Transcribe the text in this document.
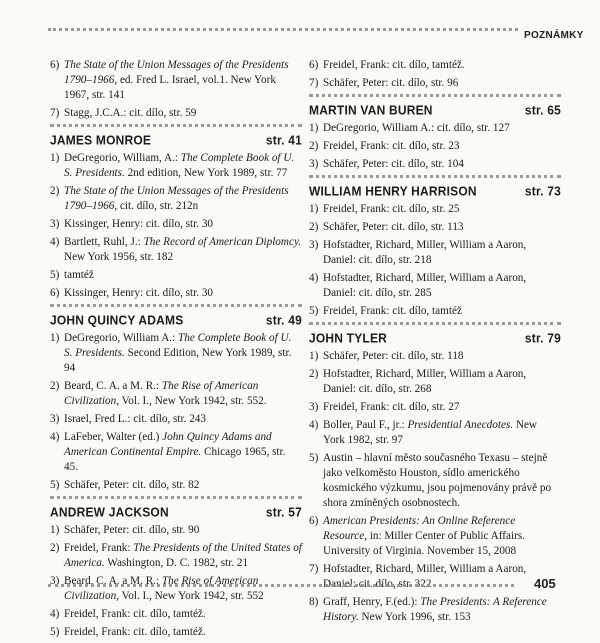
POZNÁMKY
6) The State of the Union Messages of the Presidents 1790–1966, ed. Fred L. Israel, vol.1. New York 1967, str. 141
7) Stagg, J.C.A.: cit. dílo, str. 59
JAMES MONROE	str. 41
1) DeGregorio, William, A.: The Complete Book of U. S. Presidents. 2nd edition, New York 1989, str. 77
2) The State of the Union Messages of the Presidents 1790–1966, cit. dílo, str. 212n
3) Kissinger, Henry: cit. dílo, str. 30
4) Bartlett, Ruhl, J.: The Record of American Diplomcy. New York 1956, str. 182
5) tamtéž
6) Kissinger, Henry: cit. dílo, str. 30
JOHN QUINCY ADAMS	str. 49
1) DeGregorio, William A.: The Complete Book of U. S. Presidents. Second Edition, New York 1989, str. 94
2) Beard, C. A. a M. R.: The Rise of American Civilization, Vol. I., New York 1942, str. 552.
3) Israel, Fred L.: cit. dílo, str. 243
4) LaFeber, Walter (ed.) John Quincy Adams and American Continental Empire. Chicago 1965, str. 45.
5) Schäfer, Peter: cit. dílo, str. 82
ANDREW JACKSON	str. 57
1) Schäfer, Peter: cit. dílo, str. 90
2) Freidel, Frank: The Presidents of the United States of America. Washington, D. C. 1982, str. 21
3) Beard, C. A. a M. R.: The Rise of American Civilization, Vol. I., New York 1942, str. 552
4) Freidel, Frank: cit. dílo, tamtéž.
5) Freidel, Frank: cit. dílo, tamtéž.
6) Freidel, Frank: cit. dílo, tamtéž.
7) Schäfer, Peter: cit. dílo, str. 96
MARTIN VAN BUREN	str. 65
1) DeGregorio, William A.: cit. dílo, str. 127
2) Freidel, Frank: cit. dílo, str. 23
3) Schäfer, Peter: cit. dílo, str. 104
WILLIAM HENRY HARRISON	str. 73
1) Freidel, Frank: cit. dílo, str. 25
2) Schäfer, Peter: cit. dílo, str. 113
3) Hofstadter, Richard, Miller, William a Aaron, Daniel: cit. dílo, str. 218
4) Hofstadter, Richard, Miller, William a Aaron, Daniel: cit. dílo, str. 285
5) Freidel, Frank: cit. dílo, tamtéž
JOHN TYLER	str. 79
1) Schäfer, Peter: cit. dílo, str. 118
2) Hofstadter, Richard, Miller, William a Aaron, Daniel: cit. dílo, str. 268
3) Freidel, Frank: cit. dílo, str. 27
4) Boller, Paul F., jr.: Presidential Anecdotes. New York 1982, str. 97
5) Austin – hlavní město současného Texasu – stejně jako velkoměsto Houston, sídlo amerického kosmického výzkumu, jsou pojmenovány právě po shora zmíněných osobnostech.
6) American Presidents: An Online Reference Resource, in: Miller Center of Public Affairs. University of Virginia. November 15, 2008
7) Hofstadter, Richard, Miller, William a Aaron, Daniel: cit. dílo, str. 322
8) Graff, Henry, F.(ed.): The Presidents: A Reference History. New York 1996, str. 153
405
